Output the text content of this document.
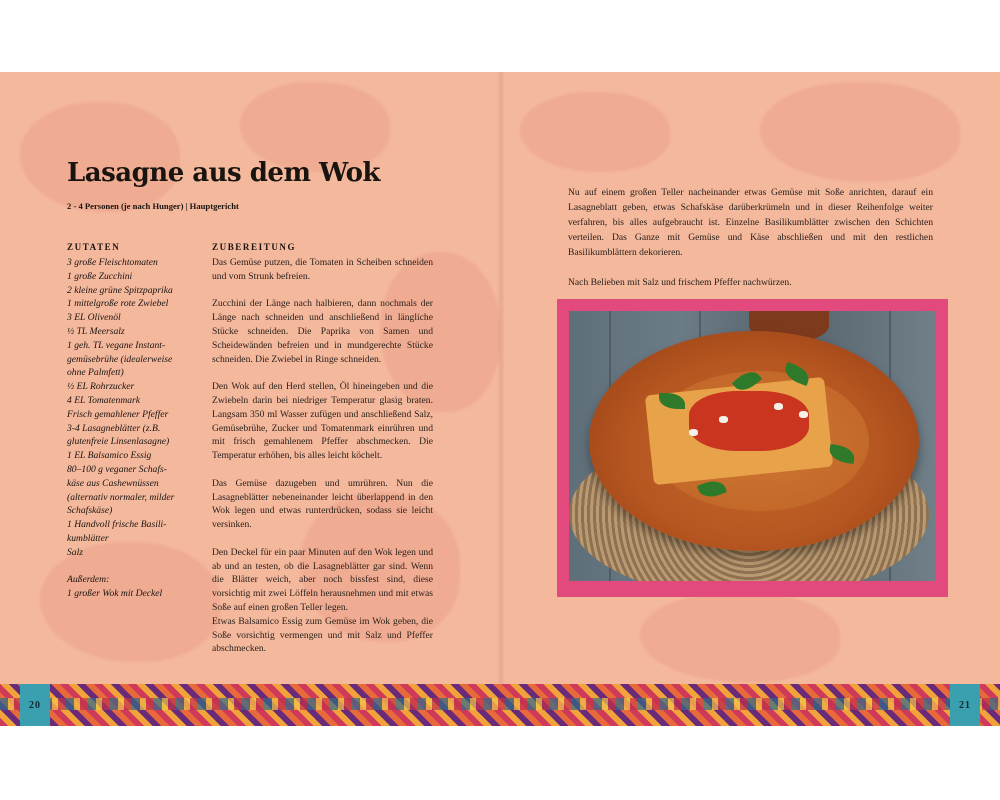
Lasagne aus dem Wok
2 - 4 Personen (je nach Hunger) | Hauptgericht
ZUTATEN	ZUBEREITUNG
3 große Fleischtomaten
1 große Zucchini
2 kleine grüne Spitzpaprika
1 mittelgroße rote Zwiebel
3 EL Olivenöl
½ TL Meersalz
1 geh. TL vegane Instant-
gemüsebrühe (idealerweise
ohne Palmfett)
½ EL Rohrzucker
4 EL Tomatenmark
Frisch gemahlener Pfeffer
3-4 Lasagneblätter (z.B.
glutenfreie Linsenlasagne)
1 EL Balsamico Essig
80–100 g veganer Schafs-
käse aus Cashewnüssen
(alternativ normaler, milder
Schafskäse)
1 Handvoll frische Basili-
kumblätter
Salz
Außerdem:
1 großer Wok mit Deckel

Das Gemüse putzen, die Tomaten in Scheiben schneiden und vom Strunk befreien.

Zucchini der Länge nach halbieren, dann nochmals der Länge nach schneiden und anschließend in längliche Stücke schneiden. Die Paprika von Samen und Scheidewänden befreien und in mundgerechte Stücke schneiden. Die Zwiebel in Ringe schneiden.

Den Wok auf den Herd stellen, Öl hineingeben und die Zwiebeln darin bei niedriger Temperatur glasig braten. Langsam 350 ml Wasser zufügen und anschließend Salz, Gemüsebrühe, Zucker und Tomatenmark einrühren und mit frisch gemahlenem Pfeffer abschmecken. Die Temperatur erhöhen, bis alles leicht köchelt.

Das Gemüse dazugeben und umrühren. Nun die Lasagneblätter nebeneinander leicht überlappend in den Wok legen und etwas runterdrücken, sodass sie leicht versinken.

Den Deckel für ein paar Minuten auf den Wok legen und ab und an testen, ob die Lasagneblätter gar sind. Wenn die Blätter weich, aber noch bissfest sind, diese vorsichtig mit zwei Löffeln herausnehmen und mit etwas Soße auf einen großen Teller legen.

Etwas Balsamico Essig zum Gemüse im Wok geben, die Soße vorsichtig vermengen und mit Salz und Pfeffer abschmecken.

Nu auf einem großen Teller nacheinander etwas Gemüse mit Soße anrichten, darauf ein Lasagneblatt geben, etwas Schafskäse darüberkrümeln und in dieser Reihenfolge weiter verfahren, bis alles aufgebraucht ist. Einzelne Basilikumblätter zwischen den Schichten verteilen. Das Ganze mit Gemüse und Käse abschließen und mit den restlichen Basilikumblättern dekorieren.

Nach Belieben mit Salz und frischem Pfeffer nachwürzen.

20	21
